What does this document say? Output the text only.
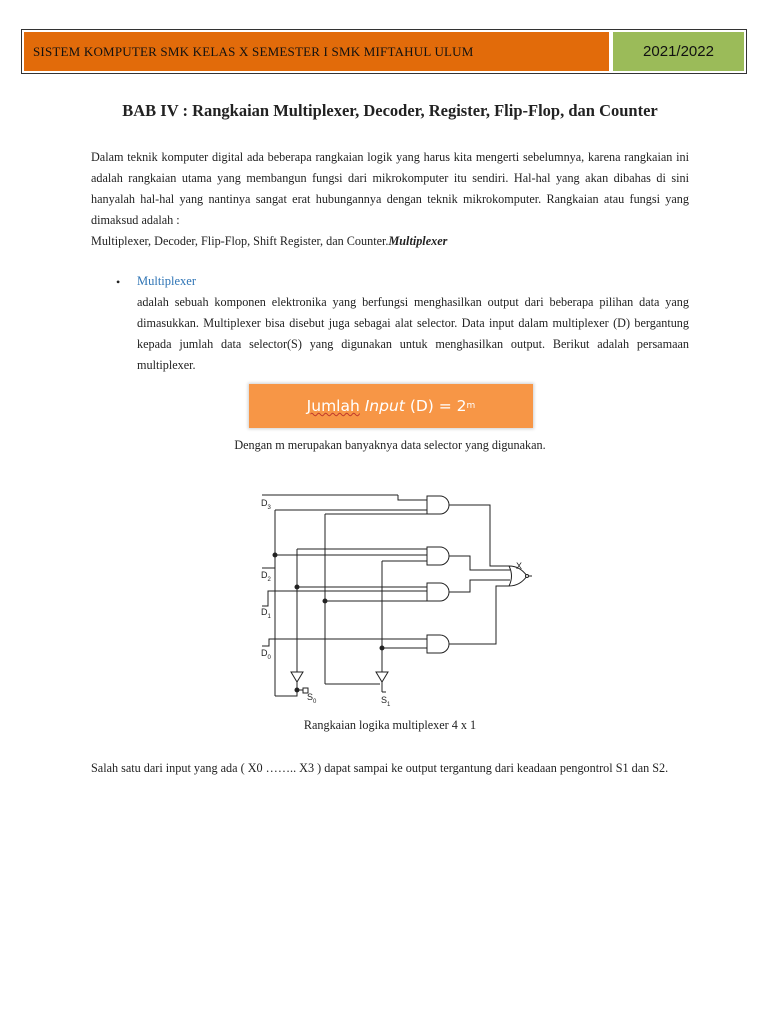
SISTEM KOMPUTER SMK KELAS X SEMESTER I SMK MIFTAHUL ULUM	2021/2022
BAB IV : Rangkaian Multiplexer, Decoder, Register, Flip-Flop, dan Counter
Dalam teknik komputer digital ada beberapa rangkaian logik yang harus kita mengerti sebelumnya, karena rangkaian ini adalah rangkaian utama yang membangun fungsi dari mikrokomputer itu sendiri. Hal-hal yang akan dibahas di sini hanyalah hal-hal yang nantinya sangat erat hubungannya dengan teknik mikrokomputer. Rangkaian atau fungsi yang dimaksud adalah :
Multiplexer, Decoder, Flip-Flop, Shift Register, dan Counter.Multiplexer
• Multiplexer
adalah sebuah komponen elektronika yang berfungsi menghasilkan output dari beberapa pilihan data yang dimasukkan. Multiplexer bisa disebut juga sebagai alat selector. Data input dalam multiplexer (D) bergantung kepada jumlah data selector(S) yang digunakan untuk menghasilkan output. Berikut adalah persamaan multiplexer.
Jumlah
Input
(D) = 2 m
Dengan m merupakan banyaknya data selector yang digunakan.
$D_3$
$D_2$
$D_1$
$D_0$
$S_0$	$S_1$
X
Rangkaian logika multiplexer 4 x 1
Salah satu dari input yang ada ( X0 …….. X3 ) dapat sampai ke output tergantung dari keadaan pengontrol S1 dan S2.
